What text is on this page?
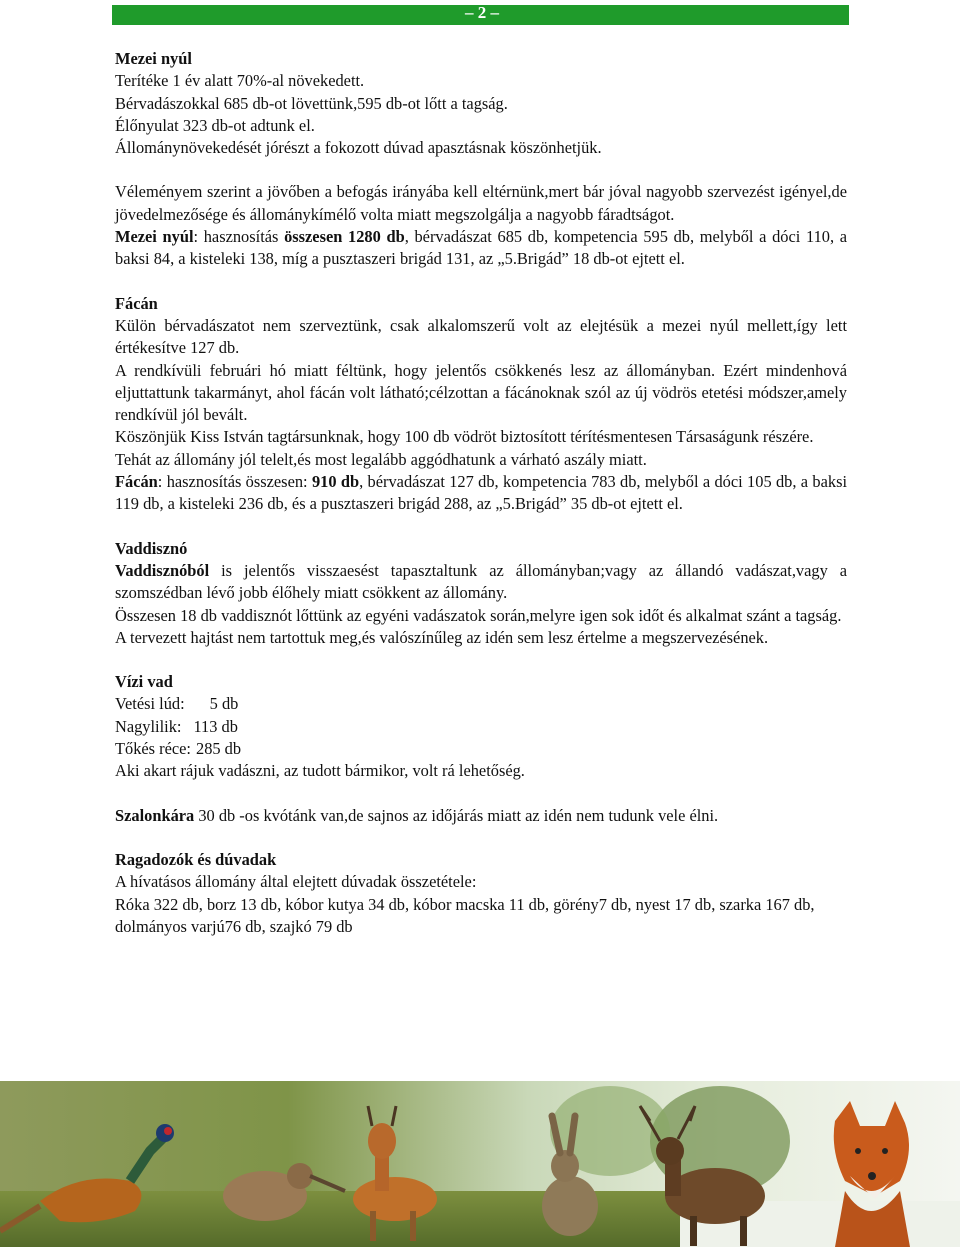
– 2 –

Mezei nyúl

Terítéke 1 év alatt 70%-al növekedett.

Bérvadászokkal 685 db-ot lövettünk,595 db-ot lőtt a tagság.

Élőnyulat 323 db-ot adtunk el.

Állománynövekedését jórészt a fokozott dúvad apasztásnak köszönhetjük.

Véleményem szerint a jövőben a befogás irányába kell eltérnünk,mert bár jóval nagyobb szervezést igényel,de jövedelmezősége és állománykímélő volta miatt megszolgálja a nagyobb fáradtságot.

Mezei nyúl: hasznosítás összesen 1280 db, bérvadászat 685 db, kompetencia 595 db, melyből a dóci 110, a baksi 84, a kisteleki 138, míg a pusztaszeri brigád 131, az „5.Brigád” 18 db-ot ejtett el.

Fácán

Külön bérvadászatot nem szerveztünk, csak alkalomszerű volt az elejtésük a mezei nyúl mellett,így lett értékesítve 127 db.

A rendkívüli februári hó miatt féltünk, hogy jelentős csökkenés lesz az állományban. Ezért mindenhová eljuttattunk takarmányt, ahol fácán volt látható;célzottan a fácánoknak szól az új vödrös etetési módszer,amely rendkívül jól bevált.

Köszönjük Kiss István tagtársunknak, hogy 100 db vödröt biztosított térítésmentesen Társaságunk részére.

Tehát az állomány jól telelt,és most legalább aggódhatunk a várható aszály miatt.

Fácán: hasznosítás összesen: 910 db, bérvadászat 127 db, kompetencia 783 db, melyből a dóci 105 db, a baksi 119 db, a kisteleki 236 db, és a pusztaszeri brigád 288, az „5.Brigád” 35 db-ot ejtett el.

Vaddisznó

Vaddisznóból is jelentős visszaesést tapasztaltunk az állományban;vagy az állandó vadászat,vagy a szomszédban lévő jobb élőhely miatt csökkent az állomány.

Összesen 18 db vaddisznót lőttünk az egyéni vadászatok során,melyre igen sok időt és alkalmat szánt a tagság.

A tervezett hajtást nem tartottuk meg,és valószínűleg az idén sem lesz értelme a megszervezésének.

Vízi vad

Vetési lúd: 5 db

Nagylilik: 113 db

Tőkés réce: 285 db

Aki akart rájuk vadászni, az tudott bármikor, volt rá lehetőség.

Szalonkára 30 db -os kvótánk van,de sajnos az időjárás miatt az idén nem tudunk vele élni.

Ragadozók és dúvadak

A hívatásos állomány által elejtett dúvadak összetétele:

Róka 322 db, borz 13 db, kóbor kutya 34 db, kóbor macska 11 db, görény7 db, nyest 17 db, szarka 167 db, dolmányos varjú76 db, szajkó 79 db
